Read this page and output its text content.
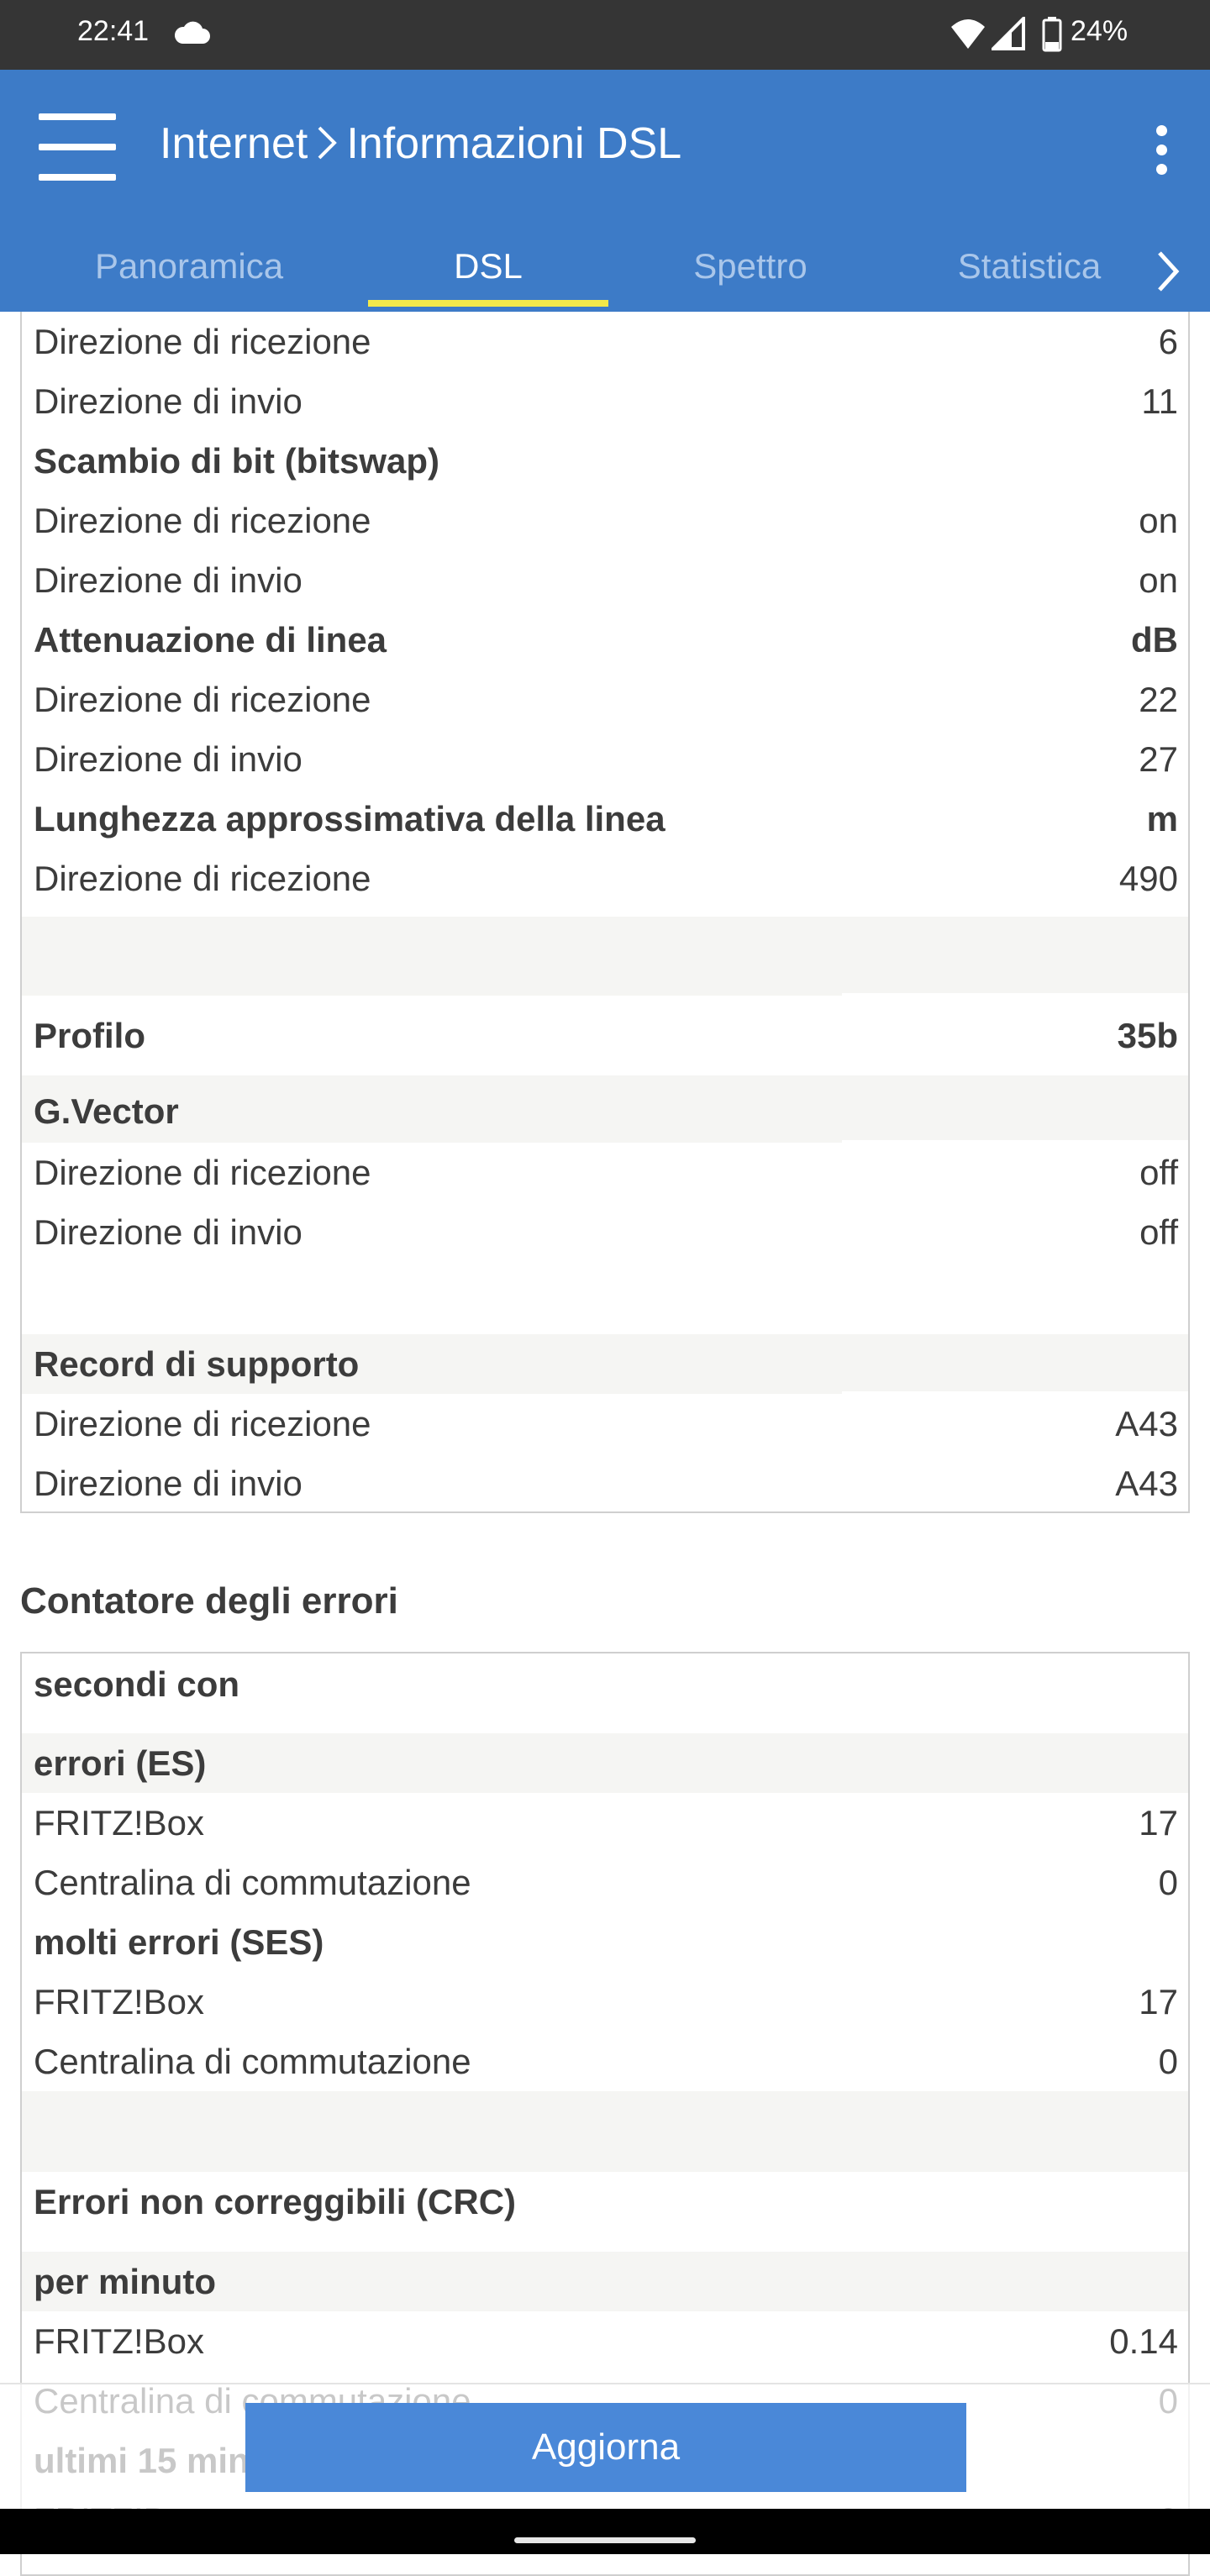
22:41	24%
Internet Informazioni DSL
Panoramica	DSL	Spettro	Statistica
Direzione di ricezione	6
Direzione di invio	11
Scambio di bit (bitswap)
Direzione di ricezione	on
Direzione di invio	on
Attenuazione di linea	dB
Direzione di ricezione	22
Direzione di invio	27
Lunghezza approssimativa della linea	m
Direzione di ricezione	490
Profilo	35b
G.Vector
Direzione di ricezione	off
Direzione di invio	off
Record di supporto
Direzione di ricezione	A43
Direzione di invio	A43
Contatore degli errori
secondi con
errori (ES)
FRITZ!Box	17
Centralina di commutazione	0
molti errori (SES)
FRITZ!Box	17
Centralina di commutazione	0
Errori non correggibili (CRC)
per minuto
FRITZ!Box	0.14
Aggiorna
